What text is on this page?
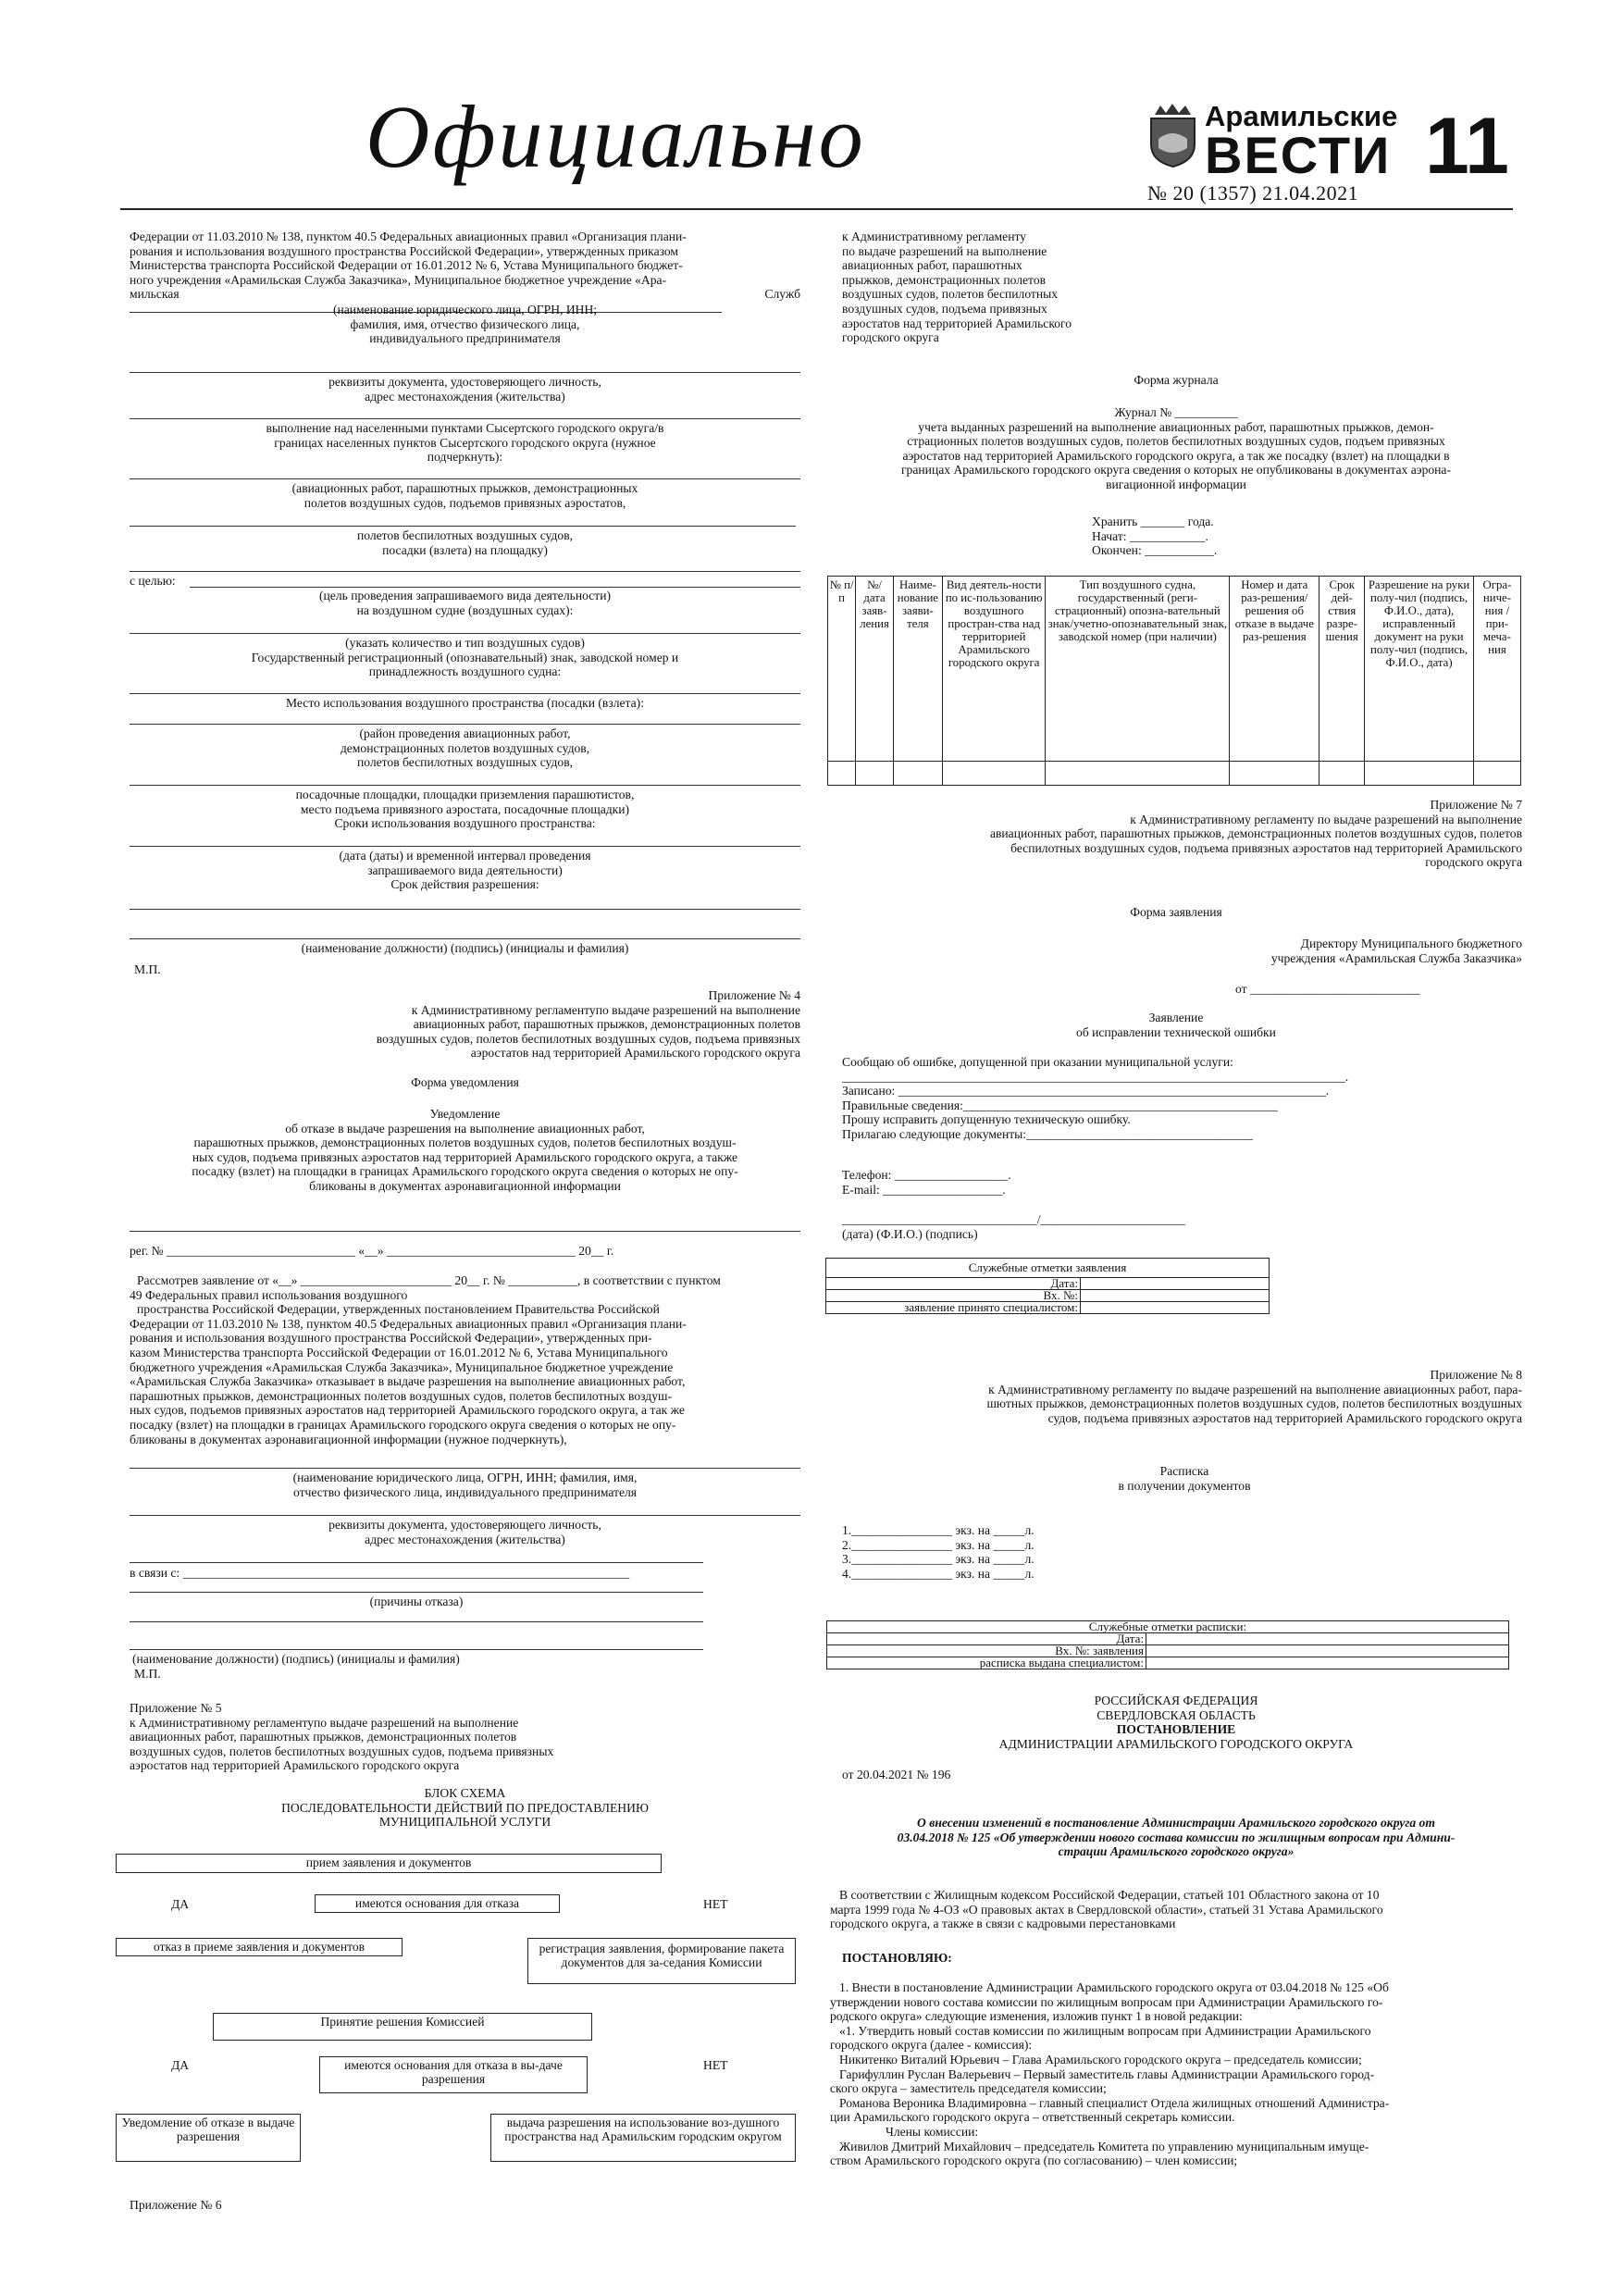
Официально	Арамильские
ВЕСТИ
№ 20 (1357) 21.04.2021
11

Федерации от 11.03.2010 № 138, пунктом 40.5 Федеральных авиационных правил «Организация плани-

рования и использования воздушного пространства Российской Федерации», утвержденных приказом

Министерства транспорта Российской Федерации от 16.01.2012 № 6, Устава Муниципального бюджет-

ного учреждения «Арамильская Служба Заказчика», Муниципальное бюджетное учреждение «Ара-

мильская Служб

(наименование юридического лица, ОГРН, ИНН;

фамилия, имя, отчество физического лица,

индивидуального предпринимателя

реквизиты документа, удостоверяющего личность,

адрес местонахождения (жительства)

выполнение над населенными пунктами Сысертского городского округа/в

границах населенных пунктов Сысертского городского округа (нужное

подчеркнуть):

(авиационных работ, парашютных прыжков, демонстрационных

полетов воздушных судов, подъемов привязных аэростатов,

полетов беспилотных воздушных судов,

посадки (взлета) на площадку)

с целью:

(цель проведения запрашиваемого вида деятельности)

на воздушном судне (воздушных судах):

(указать количество и тип воздушных судов)

Государственный регистрационный (опознавательный) знак, заводской номер и

принадлежность воздушного судна:

Место использования воздушного пространства (посадки (взлета):

(район проведения авиационных работ,

демонстрационных полетов воздушных судов,

полетов беспилотных воздушных судов,

посадочные площадки, площадки приземления парашютистов,

место подъема привязного аэростата, посадочные площадки)

Сроки использования воздушного пространства:

(дата (даты) и временной интервал проведения

запрашиваемого вида деятельности)

Срок действия разрешения:

(наименование должности) (подпись) (инициалы и фамилия)
М.П.

Приложение № 4

к Административному регламентупо выдаче разрешений на выполнение

авиационных работ, парашютных прыжков, демонстрационных полетов

воздушных судов, полетов беспилотных воздушных судов, подъема привязных

аэростатов над территорией Арамильского городского округа

Форма уведомления

Уведомление

об отказе в выдаче разрешения на выполнение авиационных работ,

парашютных прыжков, демонстрационных полетов воздушных судов, полетов беспилотных воздуш-

ных судов, подъема привязных аэростатов над территорией Арамильского городского округа, а также

посадку (взлет) на площадки в границах Арамильского городского округа сведения о которых не опу-

бликованы в документах аэронавигационной информации

рег. № ______________________________ «__» ______________________________ 20__ г.

Рассмотрев заявление от «__» ________________________ 20__ г. № ___________, в соответствии с пунктом

49 Федеральных правил использования воздушного

пространства Российской Федерации, утвержденных постановлением Правительства Российской

Федерации от 11.03.2010 № 138, пунктом 40.5 Федеральных авиационных правил «Организация плани-

рования и использования воздушного пространства Российской Федерации», утвержденных при-

казом Министерства транспорта Российской Федерации от 16.01.2012 № 6, Устава Муниципального

бюджетного учреждения «Арамильская Служба Заказчика», Муниципальное бюджетное учреждение

«Арамильская Служба Заказчика» отказывает в выдаче разрешения на выполнение авиационных работ,

парашютных прыжков, демонстрационных полетов воздушных судов, полетов беспилотных воздуш-

ных судов, подъемов привязных аэростатов над территорией Арамильского городского округа, а так же

посадку (взлет) на площадки в границах Арамильского городского округа сведения о которых не опу-

бликованы в документах аэронавигационной информации (нужное подчеркнуть),

(наименование юридического лица, ОГРН, ИНН; фамилия, имя,

отчество физического лица, индивидуального предпринимателя

реквизиты документа, удостоверяющего личность,

адрес местонахождения (жительства)

в связи с: _______________________________________________________________________
(причины отказа)
(наименование должности) (подпись) (инициалы и фамилия)
М.П.

Приложение № 5

к Административному регламентупо выдаче разрешений на выполнение

авиационных работ, парашютных прыжков, демонстрационных полетов

воздушных судов, полетов беспилотных воздушных судов, подъема привязных

аэростатов над территорией Арамильского городского округа

БЛОК СХЕМА

ПОСЛЕДОВАТЕЛЬНОСТИ ДЕЙСТВИЙ ПО ПРЕДОСТАВЛЕНИЮ

МУНИЦИПАЛЬНОЙ УСЛУГИ

прием заявления и документов
ДА	имеются основания для отказа	НЕТ
отказ в приеме заявления и документов	регистрация заявления, формирование пакета документов для за-седания Комиссии
Принятие решения Комиссией
ДА	имеются основания для отказа в вы-даче разрешения
НЕТ
Уведомление об отказе в выдаче разрешения
выдача разрешения на использование воз-душного пространства над Арамильским городским округом
Приложение № 6

к Административному регламенту

по выдаче разрешений на выполнение

авиационных работ, парашютных

прыжков, демонстрационных полетов

воздушных судов, полетов беспилотных

воздушных судов, подъема привязных

аэростатов над территорией Арамильского

городского округа

Форма журнала

Журнал № __________

учета выданных разрешений на выполнение авиационных работ, парашютных прыжков, демон-

страционных полетов воздушных судов, полетов беспилотных воздушных судов, подъем привязных

аэростатов над территорией Арамильского городского округа, а так же посадку (взлет) на площадки в

границах Арамильского городского округа сведения о которых не опубликованы в документах аэрона-

вигационной информации

Хранить _______ года.

Начат: ____________.

Окончен: ___________.

№ п/п	№/ дата заяв-ления	Наиме-нование заяви-теля	Вид деятель-ности по ис-пользованию воздушного простран-ства над территорией Арамильского городского округа	Тип воздушного судна, государственный (реги-страционный) опозна-вательный знак/учетно-опознавательный знак, заводской номер (при наличии)	Номер и дата раз-решения/ решения об отказе в выдаче раз-решения	Срок дей-ствия разре-шения	Разрешение на руки полу-чил (подпись, Ф.И.О., дата), исправленный документ на руки полу-чил (подпись, Ф.И.О., дата)	Огра-ниче-ния /при-меча-ния

Приложение № 7

к Административному регламенту по выдаче разрешений на выполнение

авиационных работ, парашютных прыжков, демонстрационных полетов воздушных судов, полетов

беспилотных воздушных судов, подъема привязных аэростатов над территорией Арамильского

городского округа

Форма заявления

Директору Муниципального бюджетного

учреждения «Арамильская Служба Заказчика»

от ___________________________

Заявление

об исправлении технической ошибки

Сообщаю об ошибке, допущенной при оказании муниципальной услуги:

________________________________________________________________________________.

Записано: ____________________________________________________________________.

Правильные сведения:__________________________________________________

Прошу исправить допущенную техническую ошибку.

Прилагаю следующие документы:____________________________________

Телефон: __________________.

E-mail: ___________________.

_______________________________/_______________________
(дата) (Ф.И.О.) (подпись)
Служебные отметки заявления	
Дата:	
Вх. №:	
заявление принято специалистом:	

Приложение № 8

к Административному регламенту по выдаче разрешений на выполнение авиационных работ, пара-

шютных прыжков, демонстрационных полетов воздушных судов, полетов беспилотных воздушных

судов, подъема привязных аэростатов над территорией Арамильского городского округа

Расписка

в получении документов

1.________________ экз. на _____л.

2.________________ экз. на _____л.

3.________________ экз. на _____л.

4.________________ экз. на _____л.

Служебные отметки расписки:	
Дата:	
Вх. №: заявления	
расписка выдана специалистом:	

РОССИЙСКАЯ ФЕДЕРАЦИЯ

СВЕРДЛОВСКАЯ ОБЛАСТЬ

ПОСТАНОВЛЕНИЕ

АДМИНИСТРАЦИИ АРАМИЛЬСКОГО ГОРОДСКОГО ОКРУГА

от 20.04.2021 № 196

О внесении изменений в постановление Администрации Арамильского городского округа от

03.04.2018 № 125 «Об утверждении нового состава комиссии по жилищным вопросам при Админи-

страции Арамильского городского округа»

В соответствии с Жилищным кодексом Российской Федерации, статьей 101 Областного закона от 10

марта 1999 года № 4-ОЗ «О правовых актах в Свердловской области», статьей 31 Устава Арамильского

городского округа, а также в связи с кадровыми перестановками

ПОСТАНОВЛЯЮ:

1. Внести в постановление Администрации Арамильского городского округа от 03.04.2018 № 125 «Об

утверждении нового состава комиссии по жилищным вопросам при Администрации Арамильского го-

родского округа» следующие изменения, изложив пункт 1 в новой редакции:

«1. Утвердить новый состав комиссии по жилищным вопросам при Администрации Арамильского

городского округа (далее - комиссия):

Никитенко Виталий Юрьевич – Глава Арамильского городского округа – председатель комиссии;

Гарифуллин Руслан Валерьевич – Первый заместитель главы Администрации Арамильского город-

ского округа – заместитель председателя комиссии;

Романова Вероника Владимировна – главный специалист Отдела жилищных отношений Администра-

ции Арамильского городского округа – ответственный секретарь комиссии.

Члены комиссии:

Живилов Дмитрий Михайлович – председатель Комитета по управлению муниципальным имуще-

ством Арамильского городского округа (по согласованию) – член комиссии;
